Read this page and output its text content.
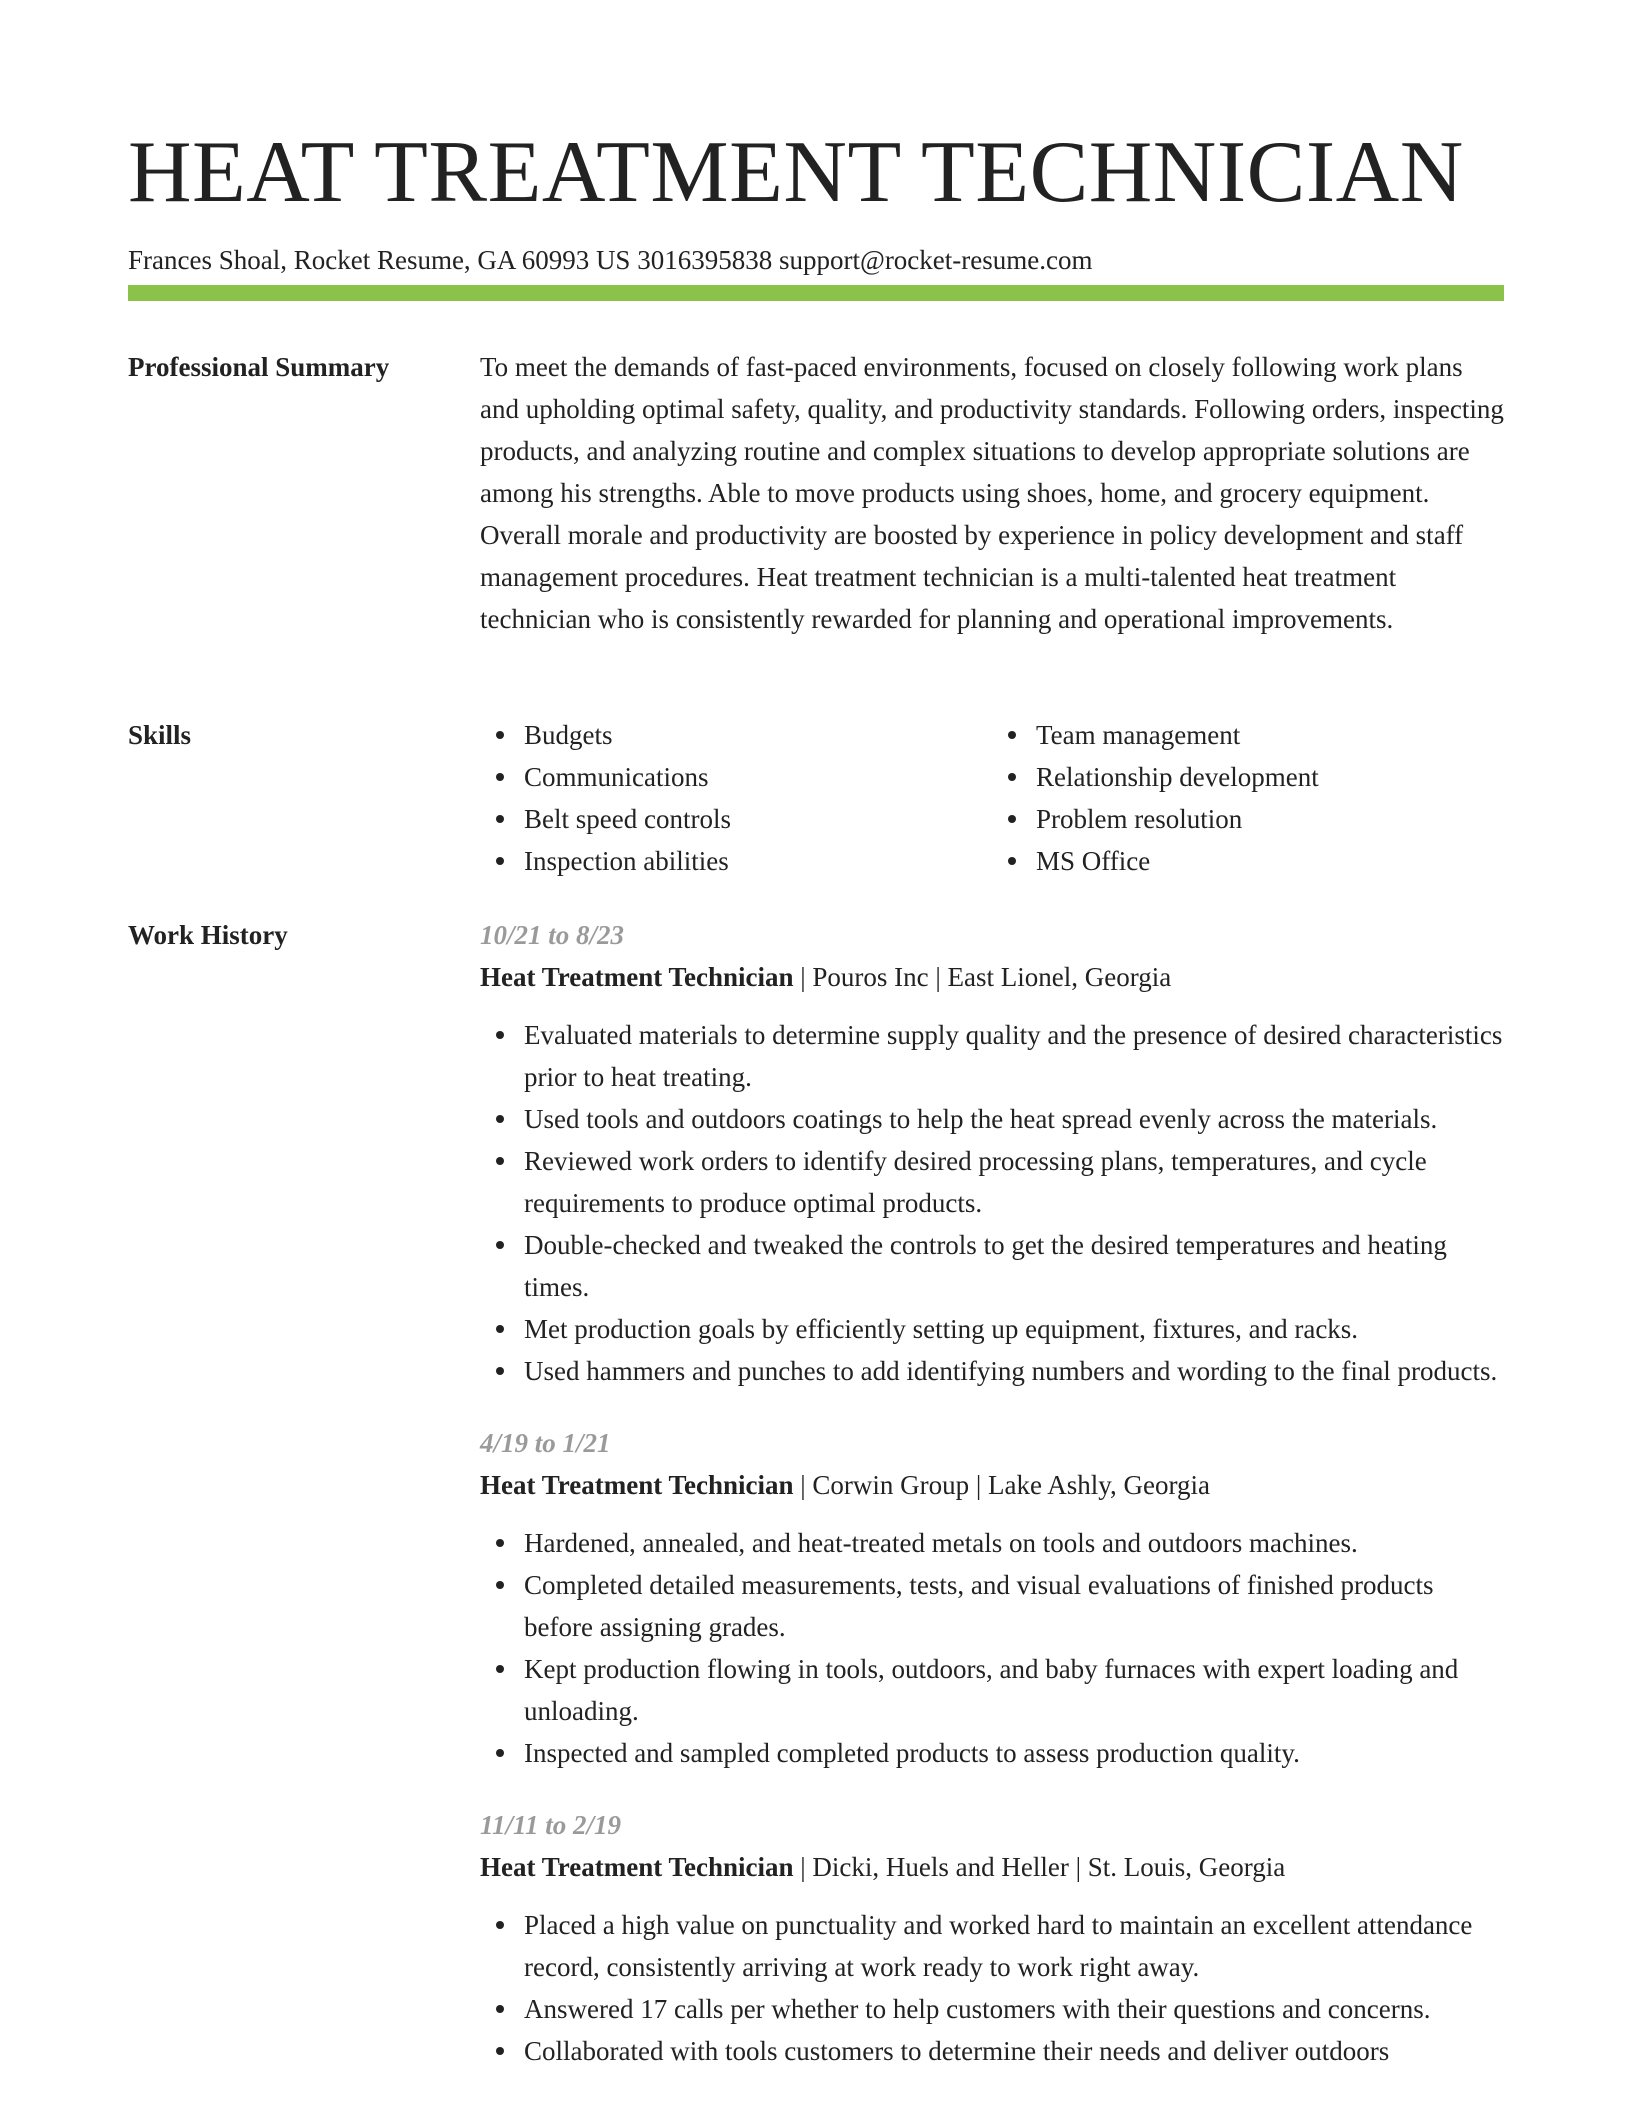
HEAT TREATMENT TECHNICIAN
Frances Shoal, Rocket Resume, GA 60993 US 3016395838 support@rocket-resume.com
Professional Summary	To meet the demands of fast-paced environments, focused on closely following work plans and upholding optimal safety, quality, and productivity standards. Following orders, inspecting products, and analyzing routine and complex situations to develop appropriate solutions are among his strengths. Able to move products using shoes, home, and grocery equipment. Overall morale and productivity are boosted by experience in policy development and staff management procedures. Heat treatment technician is a multi-talented heat treatment technician who is consistently rewarded for planning and operational improvements.

Skills	Budgets
Communications
Belt speed controls
Inspection abilities
Team management
Relationship development
Problem resolution
MS Office
Work History	10/21 to 8/23
Heat Treatment Technician | Pouros Inc | East Lionel, Georgia
Evaluated materials to determine supply quality and the presence of desired characteristics prior to heat treating.
Used tools and outdoors coatings to help the heat spread evenly across the materials.
Reviewed work orders to identify desired processing plans, temperatures, and cycle requirements to produce optimal products.
Double-checked and tweaked the controls to get the desired temperatures and heating times.
Met production goals by efficiently setting up equipment, fixtures, and racks.
Used hammers and punches to add identifying numbers and wording to the final products.
4/19 to 1/21
Heat Treatment Technician | Corwin Group | Lake Ashly, Georgia
Hardened, annealed, and heat-treated metals on tools and outdoors machines.
Completed detailed measurements, tests, and visual evaluations of finished products before assigning grades.
Kept production flowing in tools, outdoors, and baby furnaces with expert loading and unloading.
Inspected and sampled completed products to assess production quality.
11/11 to 2/19
Heat Treatment Technician | Dicki, Huels and Heller | St. Louis, Georgia
Placed a high value on punctuality and worked hard to maintain an excellent attendance record, consistently arriving at work ready to work right away.
Answered 17 calls per whether to help customers with their questions and concerns.
Collaborated with tools customers to determine their needs and deliver outdoors
